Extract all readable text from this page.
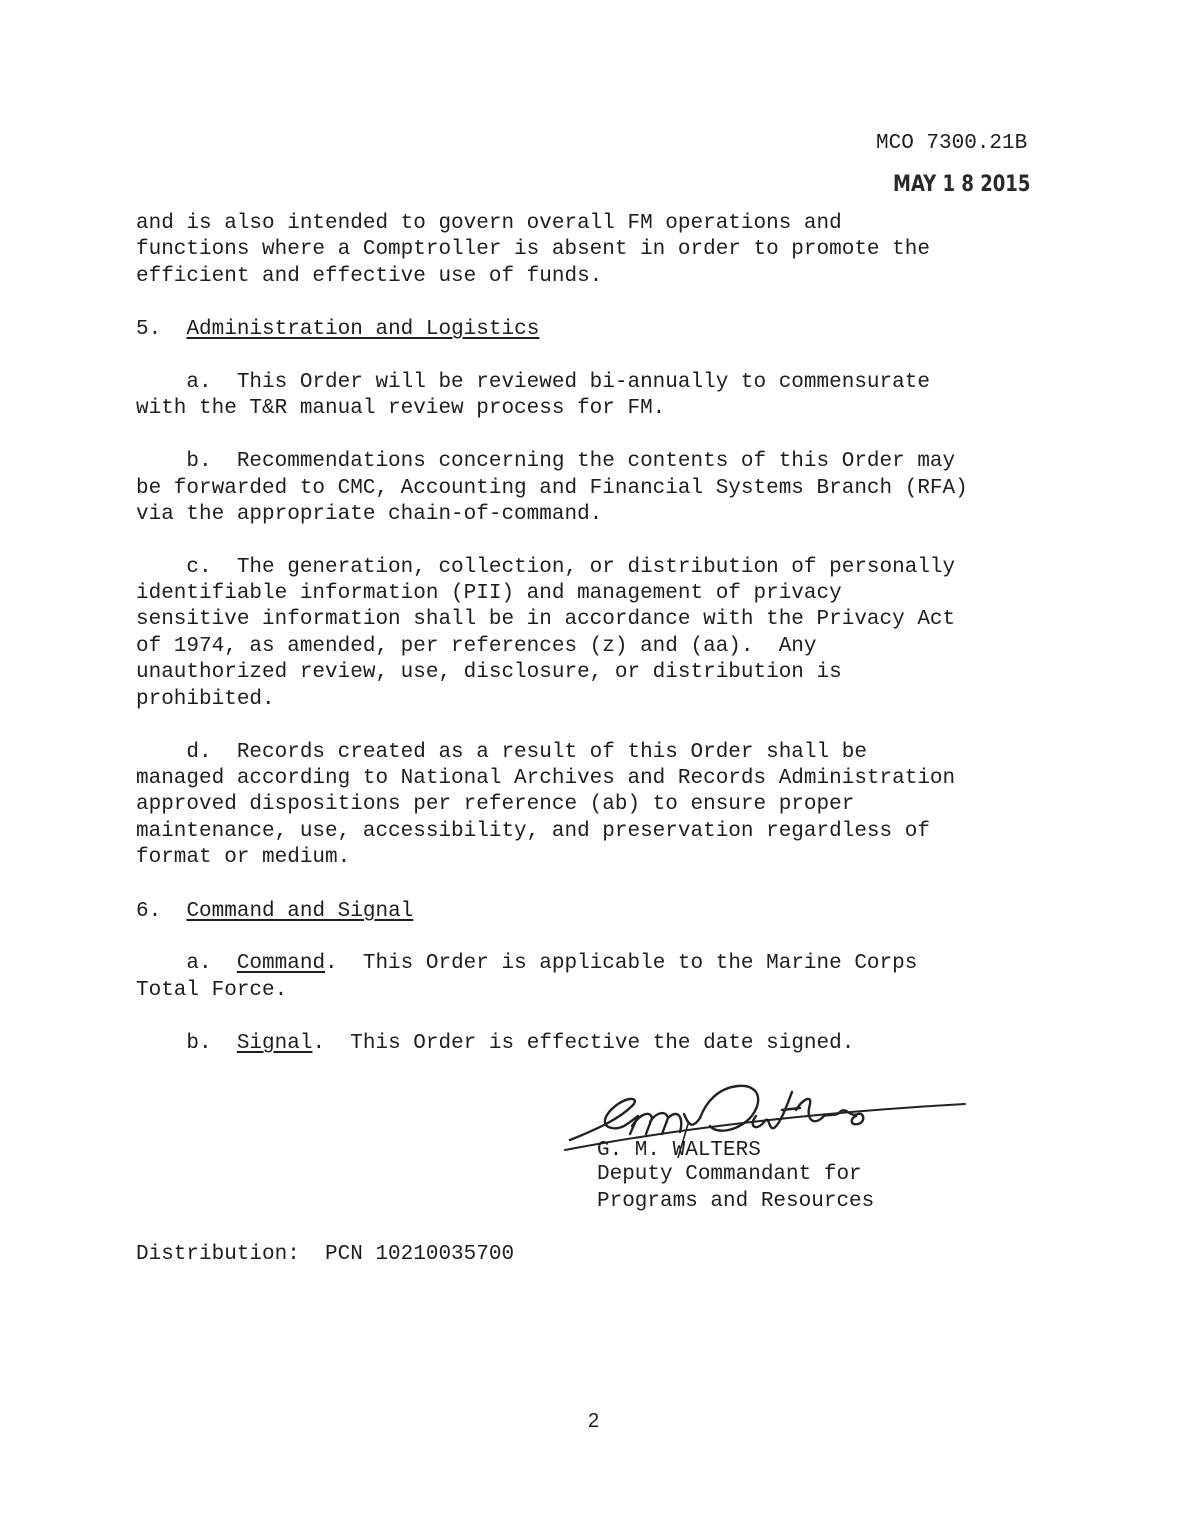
MCO 7300.21B
MAY 1 8 2015
and is also intended to govern overall FM operations and
functions where a Comptroller is absent in order to promote the
efficient and effective use of funds.
5. Administration and Logistics
a.  This Order will be reviewed bi-annually to commensurate
with the T&R manual review process for FM.
b.  Recommendations concerning the contents of this Order may
be forwarded to CMC, Accounting and Financial Systems Branch (RFA)
via the appropriate chain-of-command.
c.  The generation, collection, or distribution of personally
identifiable information (PII) and management of privacy
sensitive information shall be in accordance with the Privacy Act
of 1974, as amended, per references (z) and (aa).  Any
unauthorized review, use, disclosure, or distribution is
prohibited.
d.  Records created as a result of this Order shall be
managed according to National Archives and Records Administration
approved dispositions per reference (ab) to ensure proper
maintenance, use, accessibility, and preservation regardless of
format or medium.
6. Command and Signal
a.  Command.  This Order is applicable to the Marine Corps
Total Force.
b.  Signal.  This Order is effective the date signed.
G. M. WALTERS
Deputy Commandant for
Programs and Resources
Distribution:  PCN 10210035700
2
